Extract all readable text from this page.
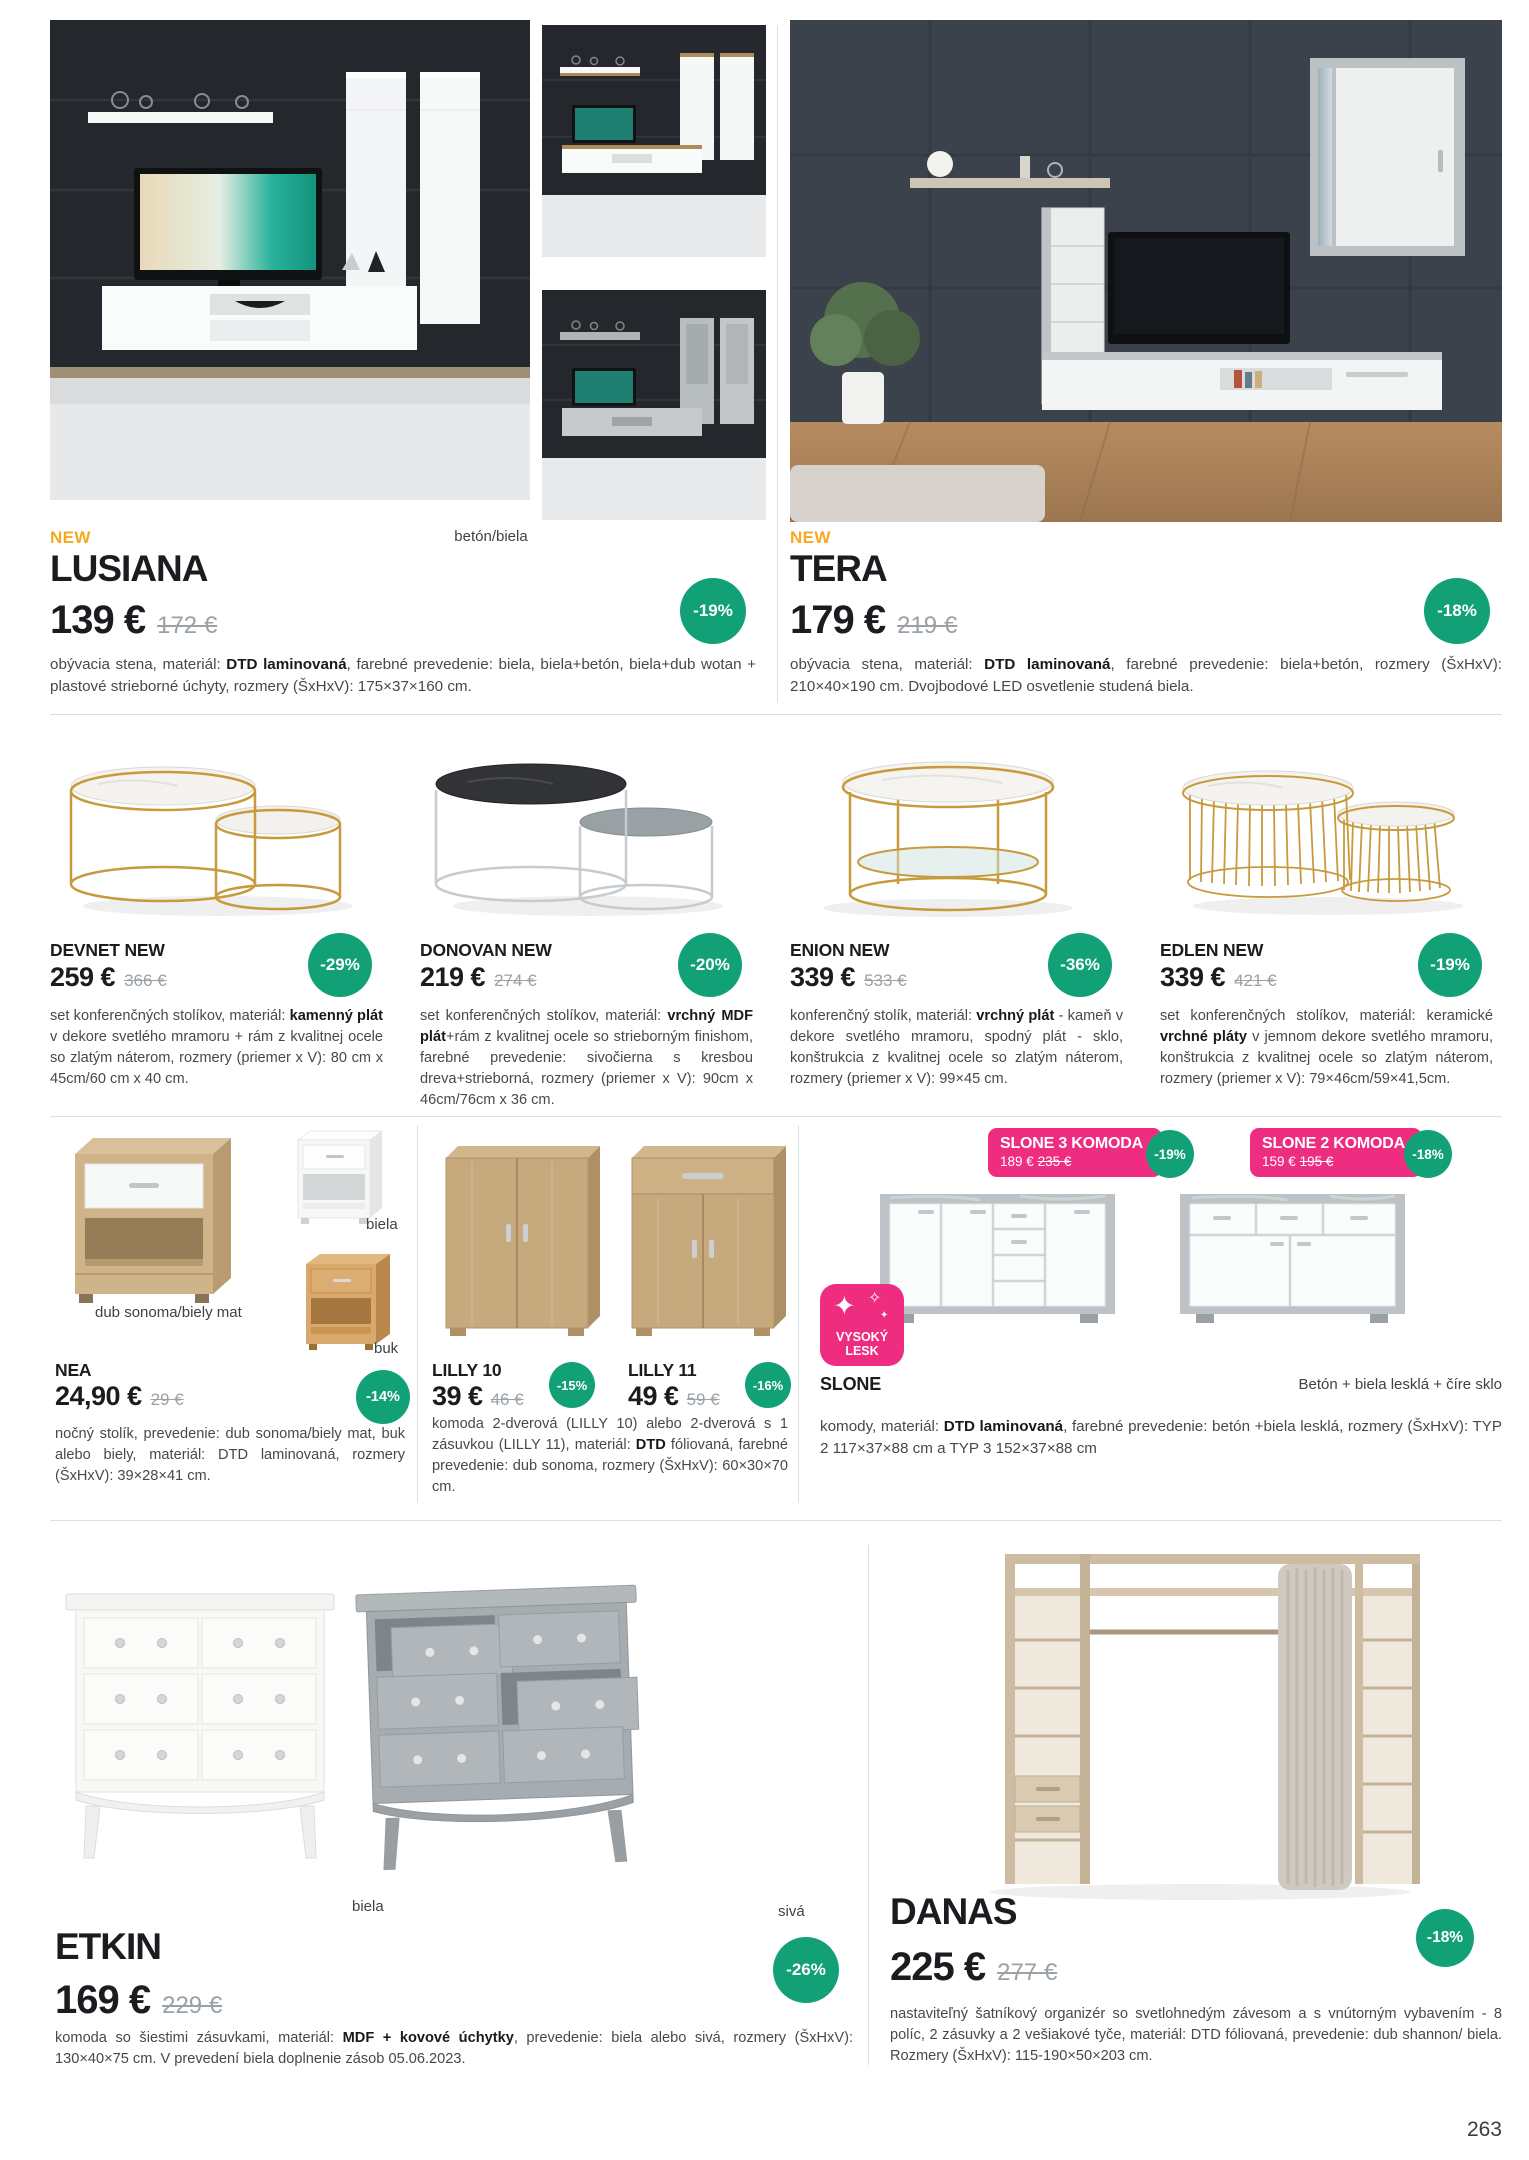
betón/biela
NEW
LUSIANA
139 € 172 €
-19%

obývacia stena, materiál: DTD laminovaná, farebné prevedenie: biela, biela+betón, biela+dub wotan + plastové strieborné úchyty, rozmery (ŠxHxV): 175×37×160 cm.

NEW
TERA
179 € 219 €
-18%

obývacia stena, materiál: DTD laminovaná, farebné prevedenie: biela+betón, rozmery (ŠxHxV): 210×40×190 cm. Dvojbodové LED osvetlenie studená biela.

DEVNET NEW
259 € 366 €
-29%

set konferenčných stolíkov, materiál: kamenný plát v dekore svetlého mramoru + rám z kvalitnej ocele so zlatým náterom, rozmery (priemer x V): 80 cm x 45cm/60 cm x 40 cm.

DONOVAN NEW
219 € 274 €
-20%

set konferenčných stolíkov, materiál: vrchný MDF plát+rám z kvalitnej ocele so strieborným finishom, farebné prevedenie: sivočierna s kresbou dreva+strieborná, rozmery (priemer x V): 90cm x 46cm/76cm x 36 cm.

ENION NEW
339 € 533 €
-36%

konferenčný stolík, materiál: vrchný plát - kameň v dekore svetlého mramoru, spodný plát - sklo, konštrukcia z kvalitnej ocele so zlatým náterom, rozmery (priemer x V): 99×45 cm.

EDLEN NEW
339 € 421 €
-19%

set konferenčných stolíkov, materiál: keramické vrchné pláty v jemnom dekore svetlého mramoru, konštrukcia z kvalitnej ocele so zlatým náterom, rozmery (priemer x V): 79×46cm/59×41,5cm.

biela
buk
dub sonoma/biely mat
NEA
24,90 € 29 €	-14%

nočný stolík, prevedenie: dub sonoma/biely mat, buk alebo biely, materiál: DTD laminovaná, rozmery (ŠxHxV): 39×28×41 cm.

LILLY 10
39 € 46 €
-15%
LILLY 11
49 € 59 €
-16%

komoda 2-dverová (LILLY 10) alebo 2-dverová s 1 zásuvkou (LILLY 11), materiál: DTD fóliovaná, farebné prevedenie: dub sonoma, rozmery (ŠxHxV): 60×30×70 cm.

SLONE 3 KOMODA
189 € 235 €	-19%
SLONE 2 KOMODA
159 € 195 €	-18%
✦ ✧
✦
VYSOKÝ
LESK
SLONE	Betón + biela lesklá + číre sklo

komody, materiál: DTD laminovaná, farebné prevedenie: betón +biela lesklá, rozmery (ŠxHxV): TYP 2 117×37×88 cm a TYP 3 152×37×88 cm

biela	sivá
ETKIN
169 € 229 €
-26%

komoda so šiestimi zásuvkami, materiál: MDF + kovové úchytky, prevedenie: biela alebo sivá, rozmery (ŠxHxV): 130×40×75 cm. V prevedení biela doplnenie zásob 05.06.2023.

DANAS
225 € 277 €
-18%

nastaviteľný šatníkový organizér so svetlohnedým závesom a s vnútorným vybavením - 8 políc, 2 zásuvky a 2 vešiakové tyče, materiál: DTD fóliovaná, prevedenie: dub shannon/ biela. Rozmery (ŠxHxV): 115-190×50×203 cm.

263
